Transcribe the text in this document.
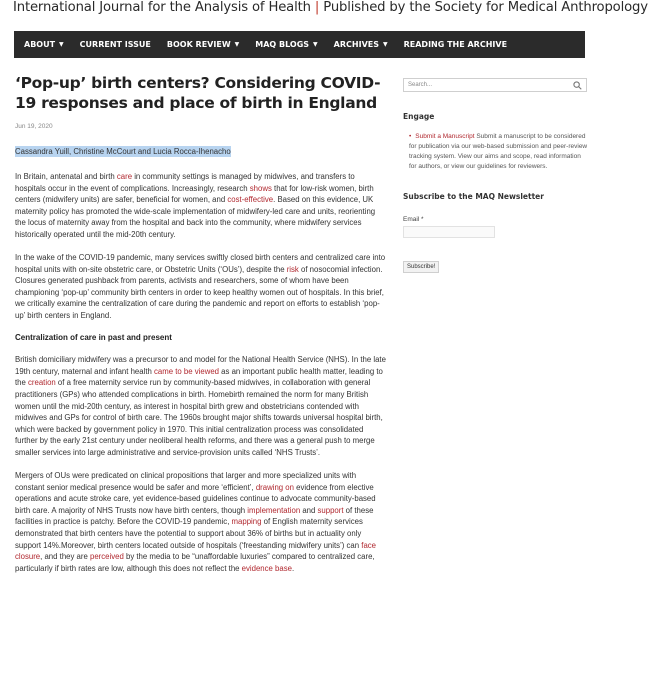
International Journal for the Analysis of Health | Published by the Society for Medical Anthropology
ABOUT ▼ CURRENT ISSUE BOOK REVIEW ▼ MAQ BLOGS ▼ ARCHIVES ▼ READING THE ARCHIVE
‘Pop-up’ birth centers? Considering COVID-19 responses and place of birth in England
Jun 19, 2020
Cassandra Yuill, Christine McCourt and Lucia Rocca-Ihenacho

In Britain, antenatal and birth care in community settings is managed by midwives, and transfers to hospitals occur in the event of complications. Increasingly, research shows that for low-risk women, birth centers (midwifery units) are safer, beneficial for women, and cost-effective. Based on this evidence, UK maternity policy has promoted the wide-scale implementation of midwifery-led care and units, reorienting the locus of maternity away from the hospital and back into the community, where midwifery services historically operated until the mid-20th century.

In the wake of the COVID-19 pandemic, many services swiftly closed birth centers and centralized care into hospital units with on-site obstetric care, or Obstetric Units (‘OUs’), despite the risk of nosocomial infection. Closures generated pushback from parents, activists and researchers, some of whom have been championing ‘pop-up’ community birth centers in order to keep healthy women out of hospitals. In this brief, we critically examine the centralization of care during the pandemic and report on efforts to establish ‘pop-up’ birth centers in England.

Centralization of care in past and present

British domiciliary midwifery was a precursor to and model for the National Health Service (NHS). In the late 19th century, maternal and infant health came to be viewed as an important public health matter, leading to the creation of a free maternity service run by community-based midwives, in collaboration with general practitioners (GPs) who attended complications in birth. Homebirth remained the norm for many British women until the mid-20th century, as interest in hospital birth grew and obstetricians contended with midwives and GPs for control of birth care. The 1960s brought major shifts towards universal hospital birth, which were backed by government policy in 1970. This initial centralization process was consolidated further by the early 21st century under neoliberal health reforms, and there was a general push to merge smaller services into large administrative and service-provision units called ‘NHS Trusts’.

Mergers of OUs were predicated on clinical propositions that larger and more specialized units with constant senior medical presence would be safer and more ‘efficient’, drawing on evidence from elective operations and acute stroke care, yet evidence-based guidelines continue to advocate community-based birth care. A majority of NHS Trusts now have birth centers, though implementation and support of these facilities in practice is patchy. Before the COVID-19 pandemic, mapping of English maternity services demonstrated that birth centers have the potential to support about 36% of births but in actuality only support 14%.Moreover, birth centers located outside of hospitals (‘freestanding midwifery units’) can face closure, and they are perceived by the media to be “unaffordable luxuries” compared to centralized care, particularly if birth rates are low, although this does not reflect the evidence base.

Search...
Engage
• Submit a Manuscript Submit a manuscript to be considered for publication via our web-based submission and peer-review tracking system. View our aims and scope, read information for authors, or view our guidelines for reviewers.
Subscribe to the MAQ Newsletter
Email *
Subscribe!
